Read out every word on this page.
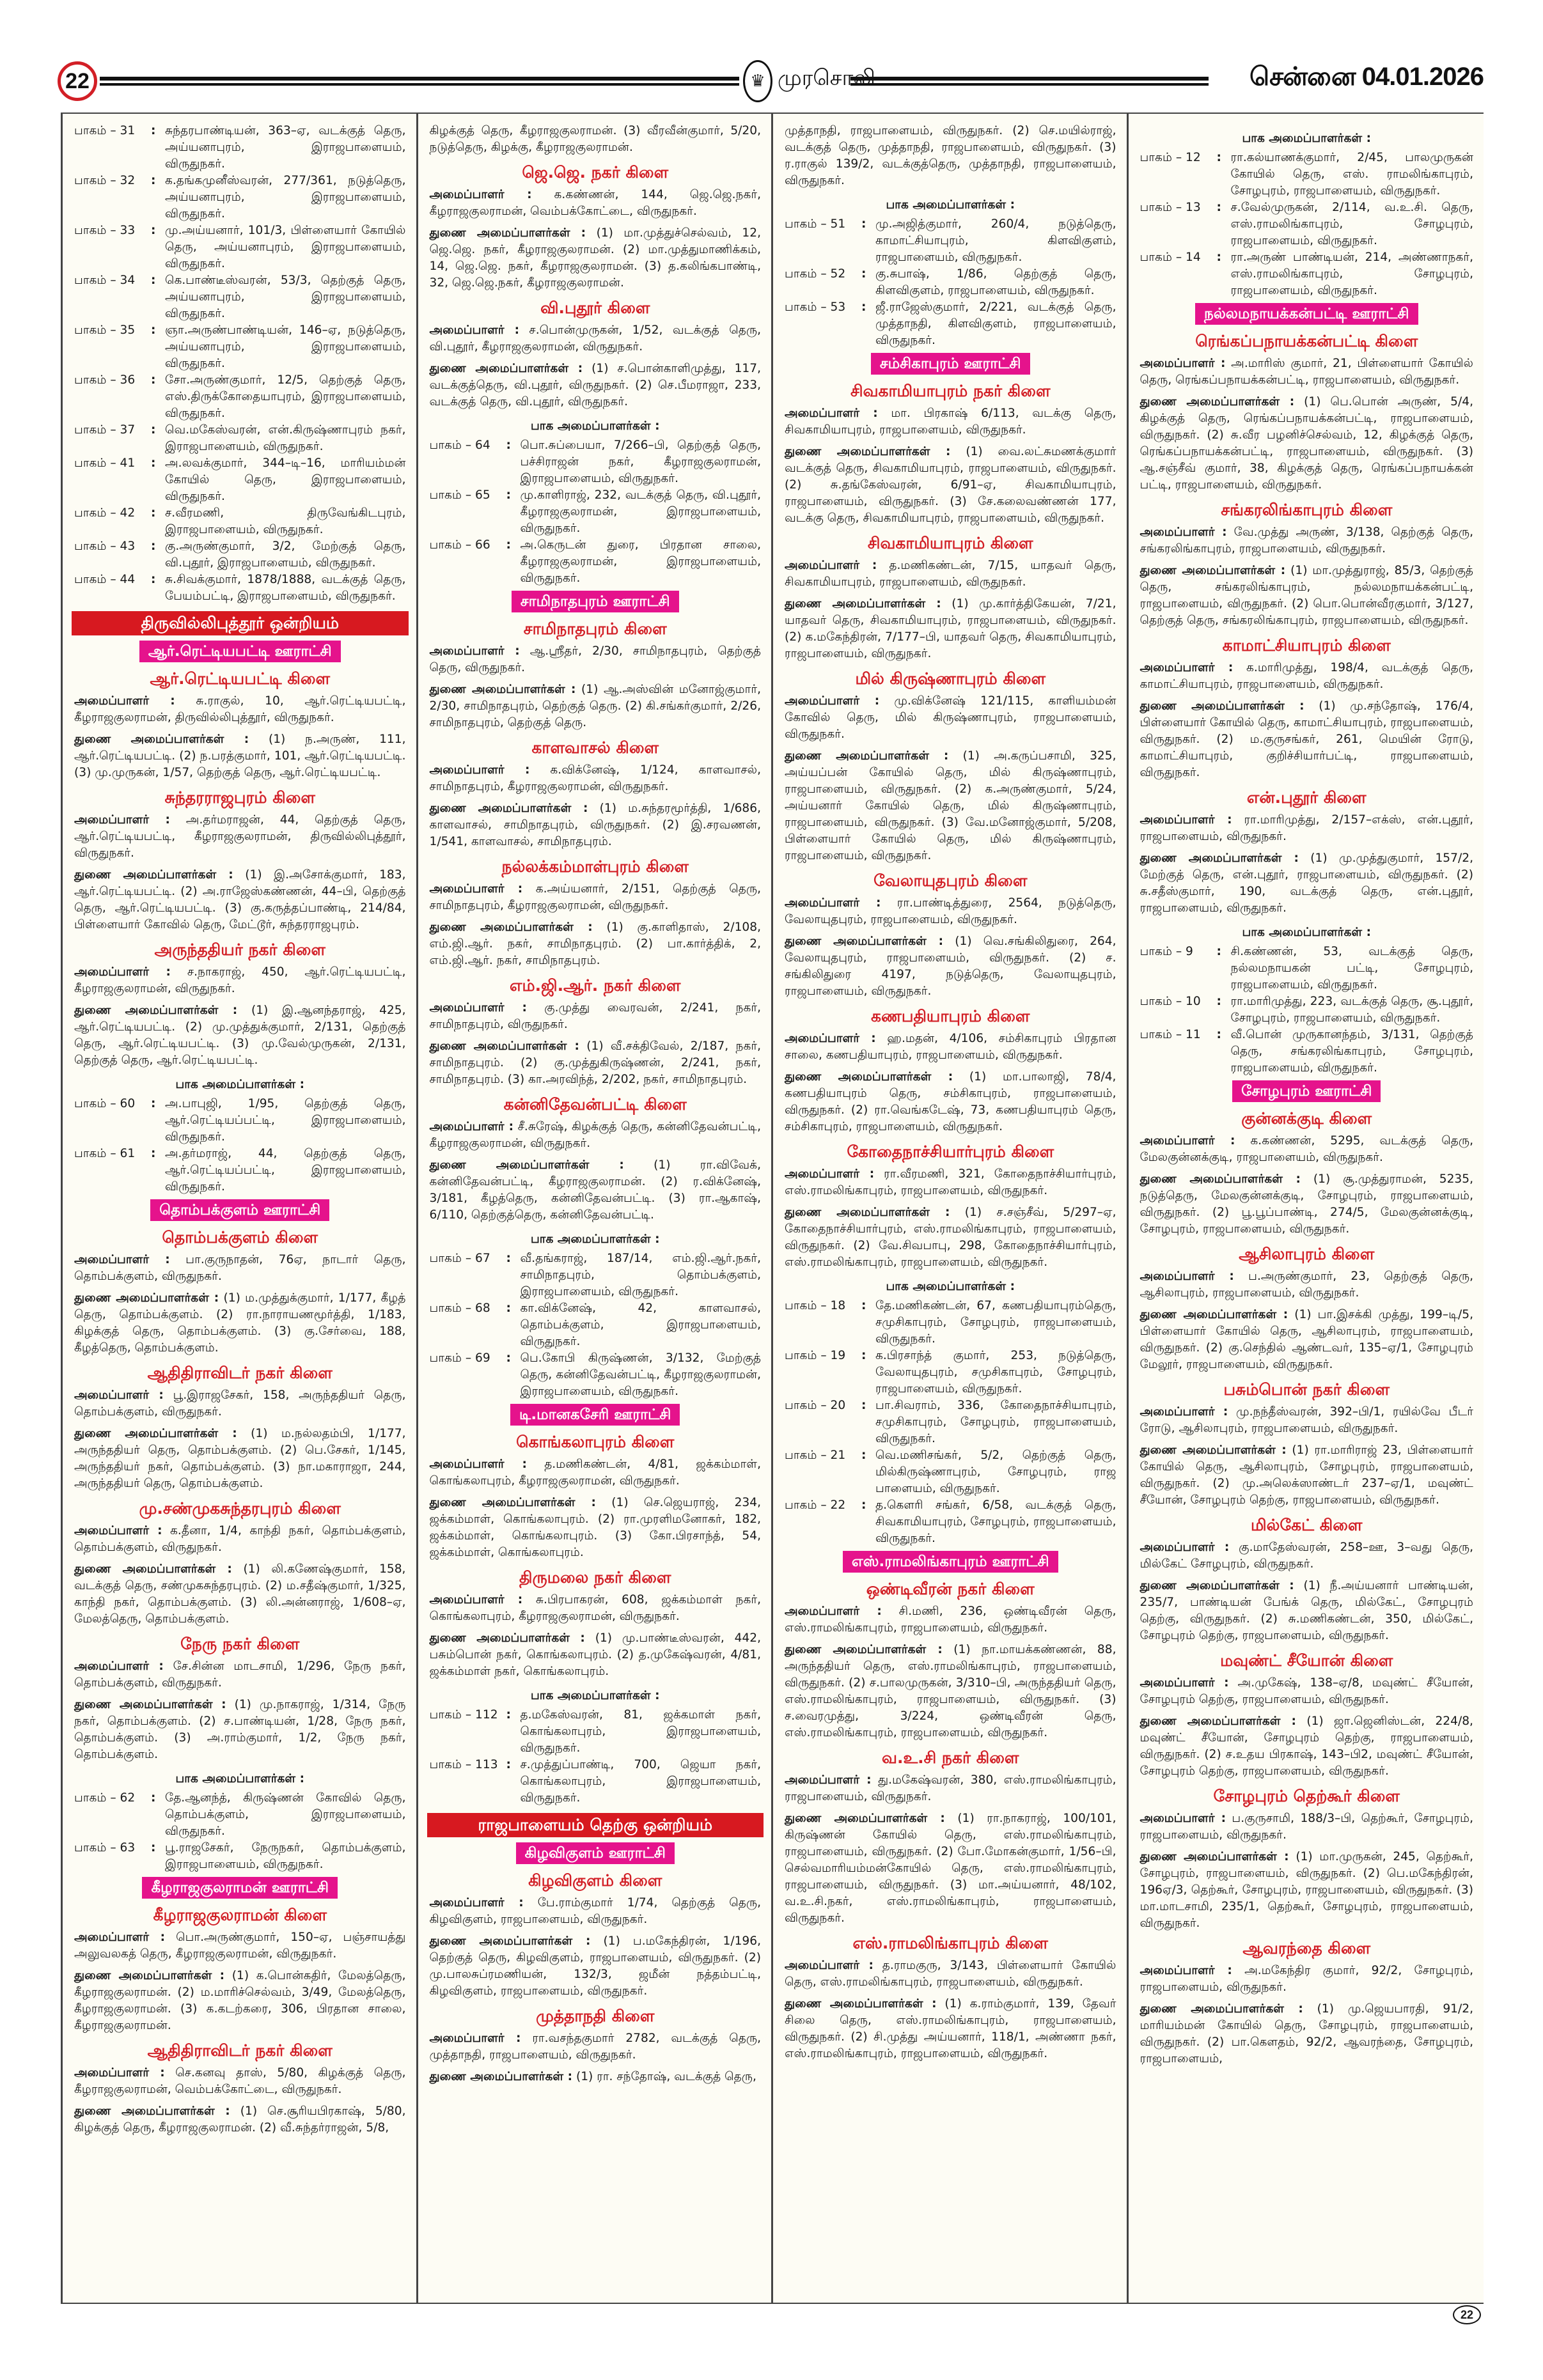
22	♛ முரசொலி	சென்னை 04.01.2026
பாகம் – 31	: சுந்தரபாண்டியன், 363–ஏ, வடக்குத் தெரு, அய்யனாபுரம், இராஜபாளையம், விருதுநகர்.
பாகம் – 32	: க.தங்கமுனீஸ்வரன், 277/361, நடுத்தெரு, அய்யனாபுரம், இராஜபாளையம், விருதுநகர்.
பாகம் – 33	: மு.அய்யனார், 101/3, பிள்ளையார் கோயில் தெரு, அய்யனாபுரம், இராஜபாளையம், விருதுநகர்.
பாகம் – 34	: கெ.பாண்டீஸ்வரன், 53/3, தெற்குத் தெரு, அய்யனாபுரம், இராஜபாளையம், விருதுநகர்.
பாகம் – 35	: ஞா.அருண்பாண்டியன், 146–ஏ, நடுத்தெரு, அய்யனாபுரம், இராஜபாளையம், விருதுநகர்.
பாகம் – 36	: சோ.அருண்குமார், 12/5, தெற்குத் தெரு, எஸ்.திருக்கோதையாபுரம், இராஜபாளையம், விருதுநகர்.
பாகம் – 37	: வெ.மகேஸ்வரன், என்.கிருஷ்ணாபுரம் நகர், இராஜபாளையம், விருதுநகர்.
பாகம் – 41	: அ.லவக்குமார், 344–டி–16, மாரியம்மன் கோயில் தெரு, இராஜபாளையம், விருதுநகர்.
பாகம் – 42	: ச.வீரமணி, திருவேங்கிடபுரம், இராஜபாளையம், விருதுநகர்.
பாகம் – 43	: கு.அருண்குமார், 3/2, மேற்குத் தெரு, வி.புதூர், இராஜபாளையம், விருதுநகர்.
பாகம் – 44	: சு.சிவக்குமார், 1878/1888, வடக்குத் தெரு, பேயம்பட்டி, இராஜபாளையம், விருதுநகர்.
திருவில்லிபுத்தூர் ஒன்றியம்
ஆர்.ரெட்டியபட்டி ஊராட்சி
ஆர்.ரெட்டியபட்டி கிளை

அமைப்பாளர் : சு.ராகுல், 10, ஆர்.ரெட்டியபட்டி, கீழராஜகுலராமன், திருவில்லிபுத்தூர், விருதுநகர்.

துணை அமைப்பாளர்கள் : (1) ந.அருண், 111, ஆர்.ரெட்டியபட்டி. (2) ந.பரத்குமார், 101, ஆர்.ரெட்டியபட்டி. (3) மு.முருகன், 1/57, தெற்குத் தெரு, ஆர்.ரெட்டியபட்டி.

சுந்தரராஜபுரம் கிளை

அமைப்பாளர் : அ.தர்மராஜன், 44, தெற்குத் தெரு, ஆர்.ரெட்டியபட்டி, கீழராஜகுலராமன், திருவில்லிபுத்தூர், விருதுநகர்.

துணை அமைப்பாளர்கள் : (1) இ.அசோக்குமார், 183, ஆர்.ரெட்டியபட்டி. (2) அ.ராஜேஸ்கண்ணன், 44–பி, தெற்குத் தெரு, ஆர்.ரெட்டியபட்டி. (3) கு.கருத்தப்பாண்டி, 214/84, பிள்ளையார் கோவில் தெரு, மேட்டூர், சுந்தரராஜபுரம்.

அருந்ததியர் நகர் கிளை

அமைப்பாளர் : ச.நாகராஜ், 450, ஆர்.ரெட்டியபட்டி, கீழராஜகுலராமன், விருதுநகர்.

துணை அமைப்பாளர்கள் : (1) இ.ஆனந்தராஜ், 425, ஆர்.ரெட்டியபட்டி. (2) மு.முத்துக்குமார், 2/131, தெற்குத் தெரு, ஆர்.ரெட்டியபட்டி. (3) மு.வேல்முருகன், 2/131, தெற்குத் தெரு, ஆர்.ரெட்டியபட்டி.

பாக அமைப்பாளர்கள் :
பாகம் – 60	: அ.பாபுஜி, 1/95, தெற்குத் தெரு, ஆர்.ரெட்டியப்பட்டி, இராஜபாளையம், விருதுநகர்.
பாகம் – 61	: அ.தர்மராஜ், 44, தெற்குத் தெரு, ஆர்.ரெட்டியப்பட்டி, இராஜபாளையம், விருதுநகர்.
தொம்பக்குளம் ஊராட்சி
தொம்பக்குளம் கிளை

அமைப்பாளர் : பா.குருநாதன், 76ஏ, நாடார் தெரு, தொம்பக்குளம், விருதுநகர்.

துணை அமைப்பாளர்கள் : (1) ம.முத்துக்குமார், 1/177, கீழத் தெரு, தொம்பக்குளம். (2) ரா.நாராயணமூர்த்தி, 1/183, கிழக்குத் தெரு, தொம்பக்குளம். (3) கு.சேர்வை, 188, கீழத்தெரு, தொம்பக்குளம்.

ஆதிதிராவிடர் நகர் கிளை

அமைப்பாளர் : பூ.இராஜசேகர், 158, அருந்ததியர் தெரு, தொம்பக்குளம், விருதுநகர்.

துணை அமைப்பாளர்கள் : (1) ம.நல்லதம்பி, 1/177, அருந்ததியர் தெரு, தொம்பக்குளம். (2) பெ.சேகர், 1/145, அருந்ததியர் நகர், தொம்பக்குளம். (3) நா.மகாராஜா, 244, அருந்ததியர் தெரு, தொம்பக்குளம்.

மு.சண்முகசுந்தரபுரம் கிளை

அமைப்பாளர் : க.தீனா, 1/4, காந்தி நகர், தொம்பக்குளம், தொம்பக்குளம், விருதுநகர்.

துணை அமைப்பாளர்கள் : (1) லி.கணேஷ்குமார், 158, வடக்குத் தெரு, சண்முகசுந்தரபுரம். (2) ம.சதீஷ்குமார், 1/325, காந்தி நகர், தொம்பக்குளம். (3) லி.அன்னராஜ், 1/608–ஏ, மேலத்தெரு, தொம்பக்குளம்.

நேரு நகர் கிளை

அமைப்பாளர் : சே.சின்ன மாடசாமி, 1/296, நேரு நகர், தொம்பக்குளம், விருதுநகர்.

துணை அமைப்பாளர்கள் : (1) மு.நாகராஜ், 1/314, நேரு நகர், தொம்பக்குளம். (2) ச.பாண்டியன், 1/28, நேரு நகர், தொம்பக்குளம். (3) அ.ராம்குமார், 1/2, நேரு நகர், தொம்பக்குளம்.

பாக அமைப்பாளர்கள் :
பாகம் – 62	: தே.ஆனந்த், கிருஷ்ணன் கோவில் தெரு, தொம்பக்குளம், இராஜபாளையம், விருதுநகர்.
பாகம் – 63	: பூ.ராஜசேகர், நேருநகர், தொம்பக்குளம், இராஜபாளையம், விருதுநகர்.
கீழராஜகுலராமன் ஊராட்சி
கீழராஜகுலராமன் கிளை

அமைப்பாளர் : பொ.அருண்குமார், 150–ஏ, பஞ்சாயத்து அலுவலகத் தெரு, கீழராஜகுலராமன், விருதுநகர்.

துணை அமைப்பாளர்கள் : (1) க.பொன்கதிர், மேலத்தெரு, கீழராஜகுலராமன். (2) ம.மாரிச்செல்வம், 3/49, மேலத்தெரு, கீழராஜகுலராமன். (3) க.கடற்கரை, 306, பிரதான சாலை, கீழராஜகுலராமன்.

ஆதிதிராவிடர் நகர் கிளை

அமைப்பாளர் : செ.கனவு தாஸ், 5/80, கிழக்குத் தெரு, கீழராஜகுலராமன், வெம்பக்கோட்டை, விருதுநகர்.

துணை அமைப்பாளர்கள் : (1) செ.சூரியபிரகாஷ், 5/80, கிழக்குத் தெரு, கீழராஜகுலராமன். (2) வீ.சுந்தர்ராஜன், 5/8,

கிழக்குத் தெரு, கீழராஜகுலராமன். (3) வீரவீன்குமார், 5/20, நடுத்தெரு, கிழக்கு, கீழராஜகுலராமன்.

ஜெ.ஜெ. நகர் கிளை

அமைப்பாளர் : க.கண்ணன், 144, ஜெ.ஜெ.நகர், கீழராஜகுலராமன், வெம்பக்கோட்டை, விருதுநகர்.

துணை அமைப்பாளர்கள் : (1) மா.முத்துச்செல்வம், 12, ஜெ.ஜெ. நகர், கீழராஜகுலராமன். (2) மா.முத்துமாணிக்கம், 14, ஜெ.ஜெ. நகர், கீழராஜகுலராமன். (3) த.கலிங்கபாண்டி, 32, ஜெ.ஜெ.நகர், கீழராஜகுலராமன்.

வி.புதூர் கிளை

அமைப்பாளர் : ச.பொன்முருகன், 1/52, வடக்குத் தெரு, வி.புதூர், கீழராஜகுலராமன், விருதுநகர்.

துணை அமைப்பாளர்கள் : (1) ச.பொன்காளிமுத்து, 117, வடக்குத்தெரு, வி.புதூர், விருதுநகர். (2) செ.பீமராஜா, 233, வடக்குத் தெரு, வி.புதூர், விருதுநகர்.

பாக அமைப்பாளர்கள் :
பாகம் – 64	: பொ.சுப்பையா, 7/266–பி, தெற்குத் தெரு, பச்சிராஜன் நகர், கீழராஜகுலராமன், இராஜபாளையம், விருதுநகர்.
பாகம் – 65	: மு.காளிராஜ், 232, வடக்குத் தெரு, வி.புதூர், கீழராஜகுலராமன், இராஜபாளையம், விருதுநகர்.
பாகம் – 66	: அ.கெருடன் துரை, பிரதான சாலை, கீழராஜகுலராமன், இராஜபாளையம், விருதுநகர்.
சாமிநாதபுரம் ஊராட்சி
சாமிநாதபுரம் கிளை

அமைப்பாளர் : ஆ.ஸ்ரீதர், 2/30, சாமிநாதபுரம், தெற்குத் தெரு, விருதுநகர்.

துணை அமைப்பாளர்கள் : (1) ஆ.அஸ்வின் மனோஜ்குமார், 2/30, சாமிநாதபுரம், தெற்குத் தெரு. (2) கி.சங்கர்குமார், 2/26, சாமிநாதபுரம், தெற்குத் தெரு.

காளவாசல் கிளை

அமைப்பாளர் : க.விக்னேஷ், 1/124, காளவாசல், சாமிநாதபுரம், கீழராஜகுலராமன், விருதுநகர்.

துணை அமைப்பாளர்கள் : (1) ம.சுந்தரமூர்த்தி, 1/686, காளவாசல், சாமிநாதபுரம், விருதுநகர். (2) இ.சரவணன், 1/541, காளவாசல், சாமிநாதபுரம்.

நல்லக்கம்மாள்புரம் கிளை

அமைப்பாளர் : க.அய்யனார், 2/151, தெற்குத் தெரு, சாமிநாதபுரம், கீழராஜகுலராமன், விருதுநகர்.

துணை அமைப்பாளர்கள் : (1) கு.காளிதாஸ், 2/108, எம்.ஜி.ஆர். நகர், சாமிநாதபுரம். (2) பா.கார்த்திக், 2, எம்.ஜி.ஆர். நகர், சாமிநாதபுரம்.

எம்.ஜி.ஆர். நகர் கிளை

அமைப்பாளர் : கு.முத்து வைரவன், 2/241, நகர், சாமிநாதபுரம், விருதுநகர்.

துணை அமைப்பாளர்கள் : (1) வீ.சக்திவேல், 2/187, நகர், சாமிநாதபுரம். (2) கு.முத்துகிருஷ்ணன், 2/241, நகர், சாமிநாதபுரம். (3) கா.அரவிந்த், 2/202, நகர், சாமிநாதபுரம்.

கன்னிதேவன்பட்டி கிளை

அமைப்பாளர் : சீ.சுரேஷ், கிழக்குத் தெரு, கன்னிதேவன்பட்டி, கீழராஜகுலராமன், விருதுநகர்.

துணை அமைப்பாளர்கள் : (1) ரா.விவேக், கன்னிதேவன்பட்டி, கீழராஜகுலராமன். (2) ர.விக்னேஷ், 3/181, கீழத்தெரு, கன்னிதேவன்பட்டி. (3) ரா.ஆகாஷ், 6/110, தெற்குத்தெரு, கன்னிதேவன்பட்டி.

பாக அமைப்பாளர்கள் :
பாகம் – 67	: வீ.தங்கராஜ், 187/14, எம்.ஜி.ஆர்.நகர், சாமிநாதபுரம், தொம்பக்குளம், இராஜபாளையம், விருதுநகர்.
பாகம் – 68	: கா.விக்னேஷ், 42, காளவாசல், தொம்பக்குளம், இராஜபாளையம், விருதுநகர்.
பாகம் – 69	: பெ.கோபி கிருஷ்ணன், 3/132, மேற்குத் தெரு, கன்னிதேவன்பட்டி, கீழராஜகுலராமன், இராஜபாளையம், விருதுநகர்.
டி.மானகசேரி ஊராட்சி
கொங்கலாபுரம் கிளை

அமைப்பாளர் : த.மணிகண்டன், 4/81, ஜக்கம்மாள், கொங்கலாபுரம், கீழராஜகுலராமன், விருதுநகர்.

துணை அமைப்பாளர்கள் : (1) செ.ஜெயராஜ், 234, ஜக்கம்மாள், கொங்கலாபுரம். (2) ரா.முரளிமனோகர், 182, ஜக்கம்மாள், கொங்கலாபுரம். (3) கோ.பிரசாந்த், 54, ஜக்கம்மாள், கொங்கலாபுரம்.

திருமலை நகர் கிளை

அமைப்பாளர் : சு.பிரபாகரன், 608, ஜக்கம்மாள் நகர், கொங்கலாபுரம், கீழராஜகுலராமன், விருதுநகர்.

துணை அமைப்பாளர்கள் : (1) மு.பாண்டீஸ்வரன், 442, பசும்பொன் நகர், கொங்கலாபுரம். (2) த.முகேஷ்வரன், 4/81, ஜக்கம்மாள் நகர், கொங்கலாபுரம்.

பாக அமைப்பாளர்கள் :
பாகம் – 112 : த.மகேஸ்வரன், 81, ஜக்கமாள் நகர், கொங்கலாபுரம், இராஜபாளையம், விருதுநகர்.
பாகம் – 113 : ச.முத்துப்பாண்டி, 700, ஜெயா நகர், கொங்கலாபுரம், இராஜபாளையம், விருதுநகர்.
ராஜபாளையம் தெற்கு ஒன்றியம்
கிழவிகுளம் ஊராட்சி
கிழவிகுளம் கிளை

அமைப்பாளர் : பே.ராம்குமார் 1/74, தெற்குத் தெரு, கிழவிகுளம், ராஜபாளையம், விருதுநகர்.

துணை அமைப்பாளர்கள் : (1) ப.மகேந்திரன், 1/196, தெற்குத் தெரு, கிழவிகுளம், ராஜபாளையம், விருதுநகர். (2) மு.பாலசுப்ரமணியன், 132/3, ஜமீன் நத்தம்பட்டி, கிழவிகுளம், ராஜபாளையம், விருதுநகர்.

முத்தாநதி கிளை

அமைப்பாளர் : ரா.வசந்தகுமார் 2782, வடக்குத் தெரு, முத்தாநதி, ராஜபாளையம், விருதுநகர்.

துணை அமைப்பாளர்கள் : (1) ரா. சந்தோஷ், வடக்குத் தெரு,

முத்தாநதி, ராஜபாளையம், விருதுநகர். (2) செ.மயில்ராஜ், வடக்குத் தெரு, முத்தாநதி, ராஜபாளையம், விருதுநகர். (3) ர.ராகுல் 139/2, வடக்குத்தெரு, முத்தாநதி, ராஜபாளையம், விருதுநகர்.

பாக அமைப்பாளர்கள் :
பாகம் – 51	: மு.அஜித்குமார், 260/4, நடுத்தெரு, காமாட்சியாபுரம், கிளவிகுளம், ராஜபாளையம், விருதுநகர்.
பாகம் – 52	: கு.சுபாஷ், 1/86, தெற்குத் தெரு, கிளவிகுளம், ராஜபாளையம், விருதுநகர்.
பாகம் – 53	: ஜீ.ராஜேஸ்குமார், 2/221, வடக்குத் தெரு, முத்தாநதி, கிளவிகுளம், ராஜபாளையம், விருதுநகர்.
சம்சிகாபுரம் ஊராட்சி
சிவகாமியாபுரம் நகர் கிளை

அமைப்பாளர் : மா. பிரகாஷ் 6/113, வடக்கு தெரு, சிவகாமியாபுரம், ராஜபாளையம், விருதுநகர்.

துணை அமைப்பாளர்கள் : (1) வை.லட்சுமணக்குமார் வடக்குத் தெரு, சிவகாமியாபுரம், ராஜபாளையம், விருதுநகர். (2) சு.தங்கேஸ்வரன், 6/91–ஏ, சிவகாமியாபுரம், ராஜபாளையம், விருதுநகர். (3) சே.கலைவண்ணன் 177, வடக்கு தெரு, சிவகாமியாபுரம், ராஜபாளையம், விருதுநகர்.

சிவகாமியாபுரம் கிளை

அமைப்பாளர் : த.மணிகண்டன், 7/15, யாதவர் தெரு, சிவகாமியாபுரம், ராஜபாளையம், விருதுநகர்.

துணை அமைப்பாளர்கள் : (1) மு.கார்த்திகேயன், 7/21, யாதவர் தெரு, சிவகாமியாபுரம், ராஜபாளையம், விருதுநகர். (2) க.மகேந்திரன், 7/177–பி, யாதவர் தெரு, சிவகாமியாபுரம், ராஜபாளையம், விருதுநகர்.

மில் கிருஷ்ணாபுரம் கிளை

அமைப்பாளர் : மு.விக்னேஷ் 121/115, காளியம்மன் கோவில் தெரு, மில் கிருஷ்ணாபுரம், ராஜபாளையம், விருதுநகர்.

துணை அமைப்பாளர்கள் : (1) அ.கருப்பசாமி, 325, அய்யப்பன் கோயில் தெரு, மில் கிருஷ்ணாபுரம், ராஜபாளையம், விருதுநகர். (2) க.அருண்குமார், 5/24, அய்யனார் கோயில் தெரு, மில் கிருஷ்ணாபுரம், ராஜபாளையம், விருதுநகர். (3) வே.மனோஜ்குமார், 5/208, பிள்ளையார் கோயில் தெரு, மில் கிருஷ்ணாபுரம், ராஜபாளையம், விருதுநகர்.

வேலாயுதபுரம் கிளை

அமைப்பாளர் : ரா.பாண்டித்துரை, 2564, நடுத்தெரு, வேலாயுதபுரம், ராஜபாளையம், விருதுநகர்.

துணை அமைப்பாளர்கள் : (1) வெ.சங்கிலிதுரை, 264, வேலாயுதபுரம், ராஜபாளையம், விருதுநகர். (2) ச. சங்கிலிதுரை 4197, நடுத்தெரு, வேலாயுதபுரம், ராஜபாளையம், விருதுநகர்.

கணபதியாபுரம் கிளை

அமைப்பாளர் : ஹ.மதன், 4/106, சம்சிகாபுரம் பிரதான சாலை, கணபதியாபுரம், ராஜபாளையம், விருதுநகர்.

துணை அமைப்பாளர்கள் : (1) மா.பாலாஜி, 78/4, கணபதியாபுரம் தெரு, சம்சிகாபுரம், ராஜபாளையம், விருதுநகர். (2) ரா.வெங்கடேஷ், 73, கணபதியாபுரம் தெரு, சம்சிகாபுரம், ராஜபாளையம், விருதுநகர்.

கோதைநாச்சியார்புரம் கிளை

அமைப்பாளர் : ரா.வீரமணி, 321, கோதைநாச்சியார்புரம், எஸ்.ராமலிங்காபுரம், ராஜபாளையம், விருதுநகர்.

துணை அமைப்பாளர்கள் : (1) ச.சஞ்சீவ், 5/297–ஏ, கோதைநாச்சியார்புரம், எஸ்.ராமலிங்காபுரம், ராஜபாளையம், விருதுநகர். (2) வே.சிவபாபு, 298, கோதைநாச்சியார்புரம், எஸ்.ராமலிங்காபுரம், ராஜபாளையம், விருதுநகர்.

பாக அமைப்பாளர்கள் :
பாகம் – 18	: தே.மணிகண்டன், 67, கணபதியாபுரம்தெரு, சமுசிகாபுரம், சோழபுரம், ராஜபாளையம், விருதுநகர்.
பாகம் – 19	: க.பிரசாந்த் குமார், 253, நடுத்தெரு, வேலாயுதபுரம், சமுசிகாபுரம், சோழபுரம், ராஜபாளையம், விருதுநகர்.
பாகம் – 20	: பா.சிவராம், 336, கோதைநாச்சியாபுரம், சமுசிகாபுரம், சோழபுரம், ராஜபாளையம், விருதுநகர்.
பாகம் – 21	: வெ.மணிசங்கர், 5/2, தெற்குத் தெரு, மில்கிருஷ்ணாபுரம், சோழபுரம், ராஜ பாளையம், விருதுநகர்.
பாகம் – 22	: த.கௌரி சங்கர், 6/58, வடக்குத் தெரு, சிவகாமியாபுரம், சோழபுரம், ராஜபாளையம், விருதுநகர்.
எஸ்.ராமலிங்காபுரம் ஊராட்சி
ஒண்டிவீரன் நகர் கிளை

அமைப்பாளர் : சி.மணி, 236, ஒண்டிவீரன் தெரு, எஸ்.ராமலிங்காபுரம், ராஜபாளையம், விருதுநகர்.

துணை அமைப்பாளர்கள் : (1) நா.மாயக்கண்ணன், 88, அருந்ததியர் தெரு, எஸ்.ராமலிங்காபுரம், ராஜபாளையம், விருதுநகர். (2) ச.பாலமுருகன், 3/310–பி, அருந்ததியர் தெரு, எஸ்.ராமலிங்காபுரம், ராஜபாளையம், விருதுநகர். (3) ச.வைரமுத்து, 3/224, ஒண்டிவீரன் தெரு, எஸ்.ராமலிங்காபுரம், ராஜபாளையம், விருதுநகர்.

வ.உ.சி நகர் கிளை

அமைப்பாளர் : து.மகேஷ்வரன், 380, எஸ்.ராமலிங்காபுரம், ராஜபாளையம், விருதுநகர்.

துணை அமைப்பாளர்கள் : (1) ரா.நாகராஜ், 100/101, கிருஷ்ணன் கோயில் தெரு, எஸ்.ராமலிங்காபுரம், ராஜபாளையம், விருதுநகர். (2) போ.மோகன்குமார், 1/56–பி, செல்வமாரியம்மன்கோயில் தெரு, எஸ்.ராமலிங்காபுரம், ராஜபாளையம், விருதுநகர். (3) மா.அய்யனார், 48/102, வ.உ.சி.நகர், எஸ்.ராமலிங்காபுரம், ராஜபாளையம், விருதுநகர்.

எஸ்.ராமலிங்காபுரம் கிளை

அமைப்பாளர் : த.ராமகுரு, 3/143, பிள்ளையார் கோயில் தெரு, எஸ்.ராமலிங்காபுரம், ராஜபாளையம், விருதுநகர்.

துணை அமைப்பாளர்கள் : (1) க.ராம்குமார், 139, தேவர் சிலை தெரு, எஸ்.ராமலிங்காபுரம், ராஜபாளையம், விருதுநகர். (2) சி.முத்து அய்யனார், 118/1, அண்ணா நகர், எஸ்.ராமலிங்காபுரம், ராஜபாளையம், விருதுநகர்.

பாக அமைப்பாளர்கள் :
பாகம் – 12	: ரா.கல்யாணக்குமார், 2/45, பாலமுருகன் கோயில் தெரு, எஸ். ராமலிங்காபுரம், சோழபுரம், ராஜபாளையம், விருதுநகர்.
பாகம் – 13	: ச.வேல்முருகன், 2/114, வ.உ.சி. தெரு, எஸ்.ராமலிங்காபுரம், சோழபுரம், ராஜபாளையம், விருதுநகர்.
பாகம் – 14	: ரா.அருண் பாண்டியன், 214, அண்ணாநகர், எஸ்.ராமலிங்காபுரம், சோழபுரம், ராஜபாளையம், விருதுநகர்.
நல்லமநாயக்கன்பட்டி ஊராட்சி
ரெங்கப்பநாயக்கன்பட்டி கிளை

அமைப்பாளர் : அ.மாரிஸ் குமார், 21, பிள்ளையார் கோயில் தெரு, ரெங்கப்பநாயக்கன்பட்டி, ராஜபாளையம், விருதுநகர்.

துணை அமைப்பாளர்கள் : (1) பெ.பொன் அருண், 5/4, கிழக்குத் தெரு, ரெங்கப்பநாயக்கன்பட்டி, ராஜபாளையம், விருதுநகர். (2) சு.வீர பழனிச்செல்வம், 12, கிழக்குத் தெரு, ரெங்கப்பநாயக்கன்பட்டி, ராஜபாளையம், விருதுநகர். (3) ஆ.சஞ்சீவ் குமார், 38, கிழக்குத் தெரு, ரெங்கப்பநாயக்கன் பட்டி, ராஜபாளையம், விருதுநகர்.

சங்கரலிங்காபுரம் கிளை

அமைப்பாளர் : வே.முத்து அருண், 3/138, தெற்குத் தெரு, சங்கரலிங்காபுரம், ராஜபாளையம், விருதுநகர்.

துணை அமைப்பாளர்கள் : (1) மா.முத்துராஜ், 85/3, தெற்குத் தெரு, சங்கரலிங்காபுரம், நல்லமநாயக்கன்பட்டி, ராஜபாளையம், விருதுநகர். (2) பொ.பொன்வீரகுமார், 3/127, தெற்குத் தெரு, சங்கரலிங்காபுரம், ராஜபாளையம், விருதுநகர்.

காமாட்சியாபுரம் கிளை

அமைப்பாளர் : க.மாரிமுத்து, 198/4, வடக்குத் தெரு, காமாட்சியாபுரம், ராஜபாளையம், விருதுநகர்.

துணை அமைப்பாளர்கள் : (1) மு.சந்தோஷ், 176/4, பிள்ளையார் கோயில் தெரு, காமாட்சியாபுரம், ராஜபாளையம், விருதுநகர். (2) ம.குருசங்கர், 261, மெயின் ரோடு, காமாட்சியாபுரம், குறிச்சியார்பட்டி, ராஜபாளையம், விருதுநகர்.

என்.புதூர் கிளை

அமைப்பாளர் : ரா.மாரிமுத்து, 2/157–எக்ஸ், என்.புதூர், ராஜபாளையம், விருதுநகர்.

துணை அமைப்பாளர்கள் : (1) மு.முத்துகுமார், 157/2, மேற்குத் தெரு, என்.புதூர், ராஜபாளையம், விருதுநகர். (2) சு.சதீஸ்குமார், 190, வடக்குத் தெரு, என்.புதூர், ராஜபாளையம், விருதுநகர்.

பாக அமைப்பாளர்கள் :
பாகம் – 9	: சி.கண்ணன், 53, வடக்குத் தெரு, நல்லமநாயகன் பட்டி, சோழபுரம், ராஜபாளையம், விருதுநகர்.
பாகம் – 10	: ரா.மாரிமுத்து, 223, வடக்குத் தெரு, சூ.புதூர், சோழபுரம், ராஜபாளையம், விருதுநகர்.
பாகம் – 11	: வீ.பொன் முருகானந்தம், 3/131, தெற்குத் தெரு, சங்கரலிங்காபுரம், சோழபுரம், ராஜபாளையம், விருதுநகர்.
சோழபுரம் ஊராட்சி
குன்னக்குடி கிளை

அமைப்பாளர் : க.கண்ணன், 5295, வடக்குத் தெரு, மேலகுன்னக்குடி, ராஜபாளையம், விருதுநகர்.

துணை அமைப்பாளர்கள் : (1) சூ.முத்துராமன், 5235, நடுத்தெரு, மேலகுன்னக்குடி, சோழபுரம், ராஜபாளையம், விருதுநகர். (2) பூ.பூப்பாண்டி, 274/5, மேலகுன்னக்குடி, சோழபுரம், ராஜபாளையம், விருதுநகர்.

ஆசிலாபுரம் கிளை

அமைப்பாளர் : ப.அருண்குமார், 23, தெற்குத் தெரு, ஆசிலாபுரம், ராஜபாளையம், விருதுநகர்.

துணை அமைப்பாளர்கள் : (1) பா.இசக்கி முத்து, 199–டி/5, பிள்ளையார் கோயில் தெரு, ஆசிலாபுரம், ராஜபாளையம், விருதுநகர். (2) கு.செந்தில் ஆண்டவர், 135–ஏ/1, சோழபுரம் மேலூர், ராஜபாளையம், விருதுநகர்.

பசும்பொன் நகர் கிளை

அமைப்பாளர் : மு.நந்தீஸ்வரன், 392–பி/1, ரயில்வே பீடர் ரோடு, ஆசிலாபுரம், ராஜபாளையம், விருதுநகர்.

துணை அமைப்பாளர்கள் : (1) ரா.மாரிராஜ் 23, பிள்ளையார் கோயில் தெரு, ஆசிலாபுரம், சோழபுரம், ராஜபாளையம், விருதுநகர். (2) மு.அலெக்ஸாண்டர் 237–ஏ/1, மவுண்ட் சீயோன், சோழபுரம் தெற்கு, ராஜபாளையம், விருதுநகர்.

மில்கேட் கிளை

அமைப்பாளர் : கு.மாதேஸ்வரன், 258–ஊ, 3–வது தெரு, மில்கேட் சோழபுரம், விருதுநகர்.

துணை அமைப்பாளர்கள் : (1) நீ.அய்யனார் பாண்டியன், 235/7, பாண்டியன் பேங்க் தெரு, மில்கேட், சோழபுரம் தெற்கு, விருதுநகர். (2) சு.மணிகண்டன், 350, மில்கேட், சோழபுரம் தெற்கு, ராஜபாளையம், விருதுநகர்.

மவுண்ட் சீயோன் கிளை

அமைப்பாளர் : அ.முகேஷ், 138–ஏ/8, மவுண்ட் சீயோன், சோழபுரம் தெற்கு, ராஜபாளையம், விருதுநகர்.

துணை அமைப்பாளர்கள் : (1) ஜா.ஜெனிஸ்டன், 224/8, மவுண்ட் சீயோன், சோழபுரம் தெற்கு, ராஜபாளையம், விருதுநகர். (2) ச.உதய பிரகாஷ், 143–பி2, மவுண்ட் சீயோன், சோழபுரம் தெற்கு, ராஜபாளையம், விருதுநகர்.

சோழபுரம் தெற்கூர் கிளை

அமைப்பாளர் : ப.குருசாமி, 188/3–பி, தெற்கூர், சோழபுரம், ராஜபாளையம், விருதுநகர்.

துணை அமைப்பாளர்கள் : (1) மா.முருகன், 245, தெற்கூர், சோழபுரம், ராஜபாளையம், விருதுநகர். (2) பெ.மகேந்திரன், 196ஏ/3, தெற்கூர், சோழபுரம், ராஜபாளையம், விருதுநகர். (3) மா.மாடசாமி, 235/1, தெற்கூர், சோழபுரம், ராஜபாளையம், விருதுநகர்.

ஆவரந்தை கிளை

அமைப்பாளர் : அ.மகேந்திர குமார், 92/2, சோழபுரம், ராஜபாளையம், விருதுநகர்.

துணை அமைப்பாளர்கள் : (1) மு.ஜெயபாரதி, 91/2, மாரியம்மன் கோயில் தெரு, சோழபுரம், ராஜபாளையம், விருதுநகர். (2) பா.கௌதம், 92/2, ஆவரந்தை, சோழபுரம், ராஜபாளையம்,

22
